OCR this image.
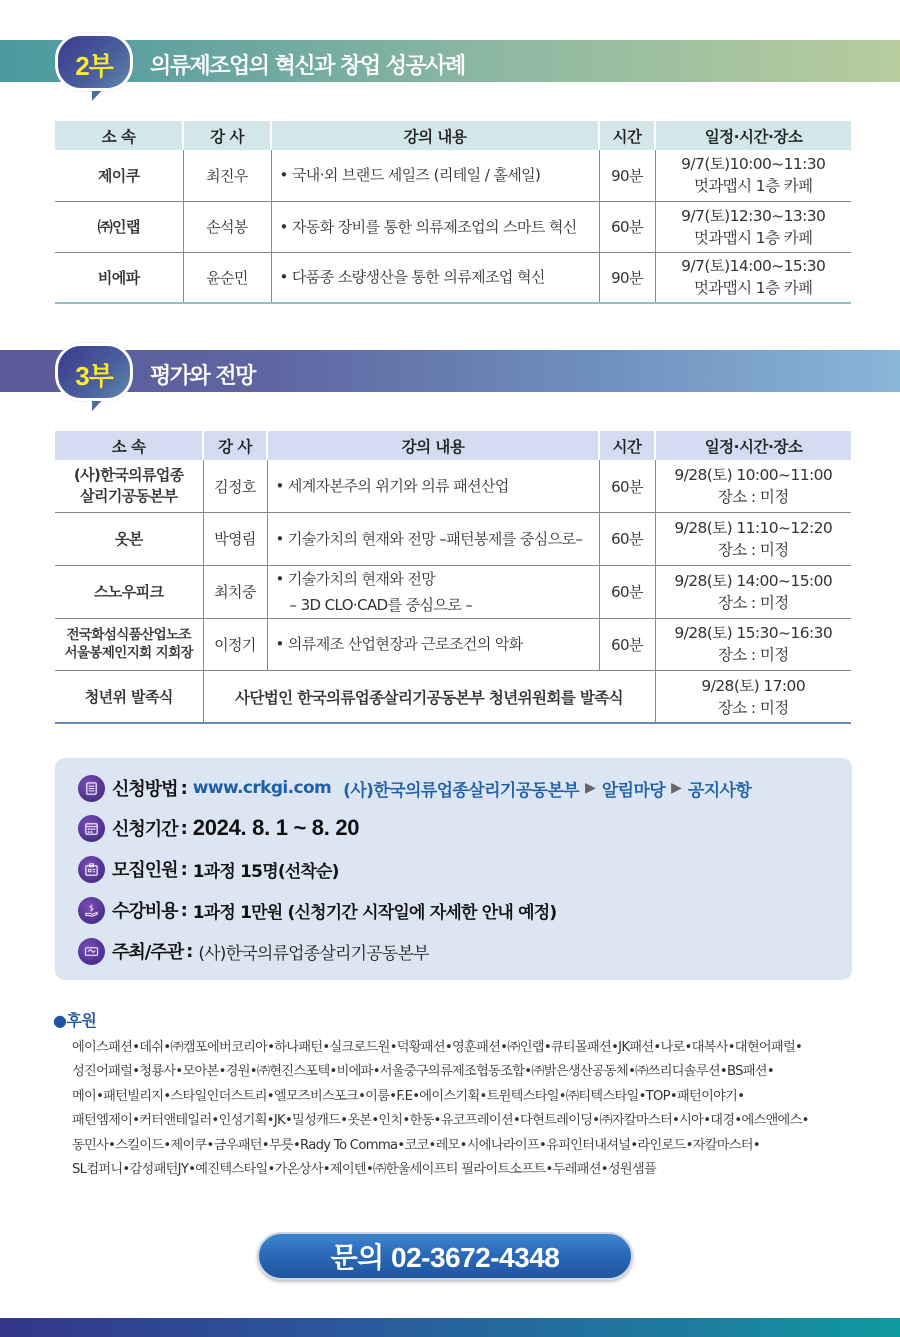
2부	의류제조업의 혁신과 창업 성공사례
소 속	강 사	강의 내용	시간	일정·시간·장소
제이쿠	최진우	• 국내·외 브랜드 세일즈 (리테일 / 홀세일)	90분	9/7(토)10:00~11:30
멋과맵시 1층 카페

㈜인랩	손석봉	• 자동화 장비를 통한 의류제조업의 스마트 혁신	60분	9/7(토)12:30~13:30
멋과맵시 1층 카페

비에파	윤순민	• 다품종 소량생산을 통한 의류제조업 혁신	90분	9/7(토)14:00~15:30
멋과맵시 1층 카페
3부	평가와 전망
소 속	강 사	강의 내용	시간	일정·시간·장소

(사)한국의류업종
살리기공동본부
	김정호	• 세계자본주의 위기와 의류 패션산업	60분	
9/28(토) 10:00~11:00
장소 : 미정

옷본	박영림	• 기술가치의 현재와 전망 –패턴봉제를 중심으로–	60분	9/28(토) 11:10~12:20
장소 : 미정

스노우피크	최치중	
• 기술가치의 현재와 전망
– 3D CLO·CAD를 중심으로 –
	60분	
9/28(토) 14:00~15:00
장소 : 미정

전국화섬식품산업노조
서울봉제인지회 지회장	이정기	• 의류제조 산업현장과 근로조건의 악화	60분	
9/28(토) 15:30~16:30
장소 : 미정

청년위 발족식	사단법인 한국의류업종살리기공동본부 청년위원회를 발족식			9/28(토) 17:00
장소 : 미정
신청방법 : www.crkgi.com (사)한국의류업종살리기공동본부 ▶ 알림마당 ▶ 공지사항
신청기간 : 2024. 8. 1 ~ 8. 20
모집인원 : 1과정 15명(선착순)
$ 수강비용 : 1과정 1만원 (신청기간 시작일에 자세한 안내 예정)
주최/주관 : (사)한국의류업종살리기공동본부
●후원
에이스패션•데쉬•㈜캠포에버코리아•하나패턴•실크로드원•덕황패션•영훈패션•㈜인랩•큐티몰패션•JK패션•나로•대복사•대현어패럴•
성진어패럴•청룡사•모아본•경원•㈜현진스포텍•비에파•서울중구의류제조협동조합•㈜밝은생산공동체•㈜쓰리디솔루션•BS패션•
메이•패턴빌리지•스타일인더스트리•엘모즈비스포크•이룸•F.E•에이스기획•트윈텍스타일•㈜티텍스타일•TOP•패턴이야기•
패턴엠제이•커터앤테일러•인성기획•JK•밀성캐드•옷본•인치•한동•유코프레이션•다현트레이딩•㈜자칼마스터•시아•대경•에스앤에스•
동민사•스킬이드•제이쿠•금우패턴•무릇•Rady To Comma•코코•레모•시에나라이프•유피인터내셔널•라인로드•자칼마스터•
SL컴퍼니•감성패턴JY•예진텍스타일•가온상사•제이텐•㈜한울세이프티 필라이트소프트•두레패션•성원샘플
문의 02-3672-4348
